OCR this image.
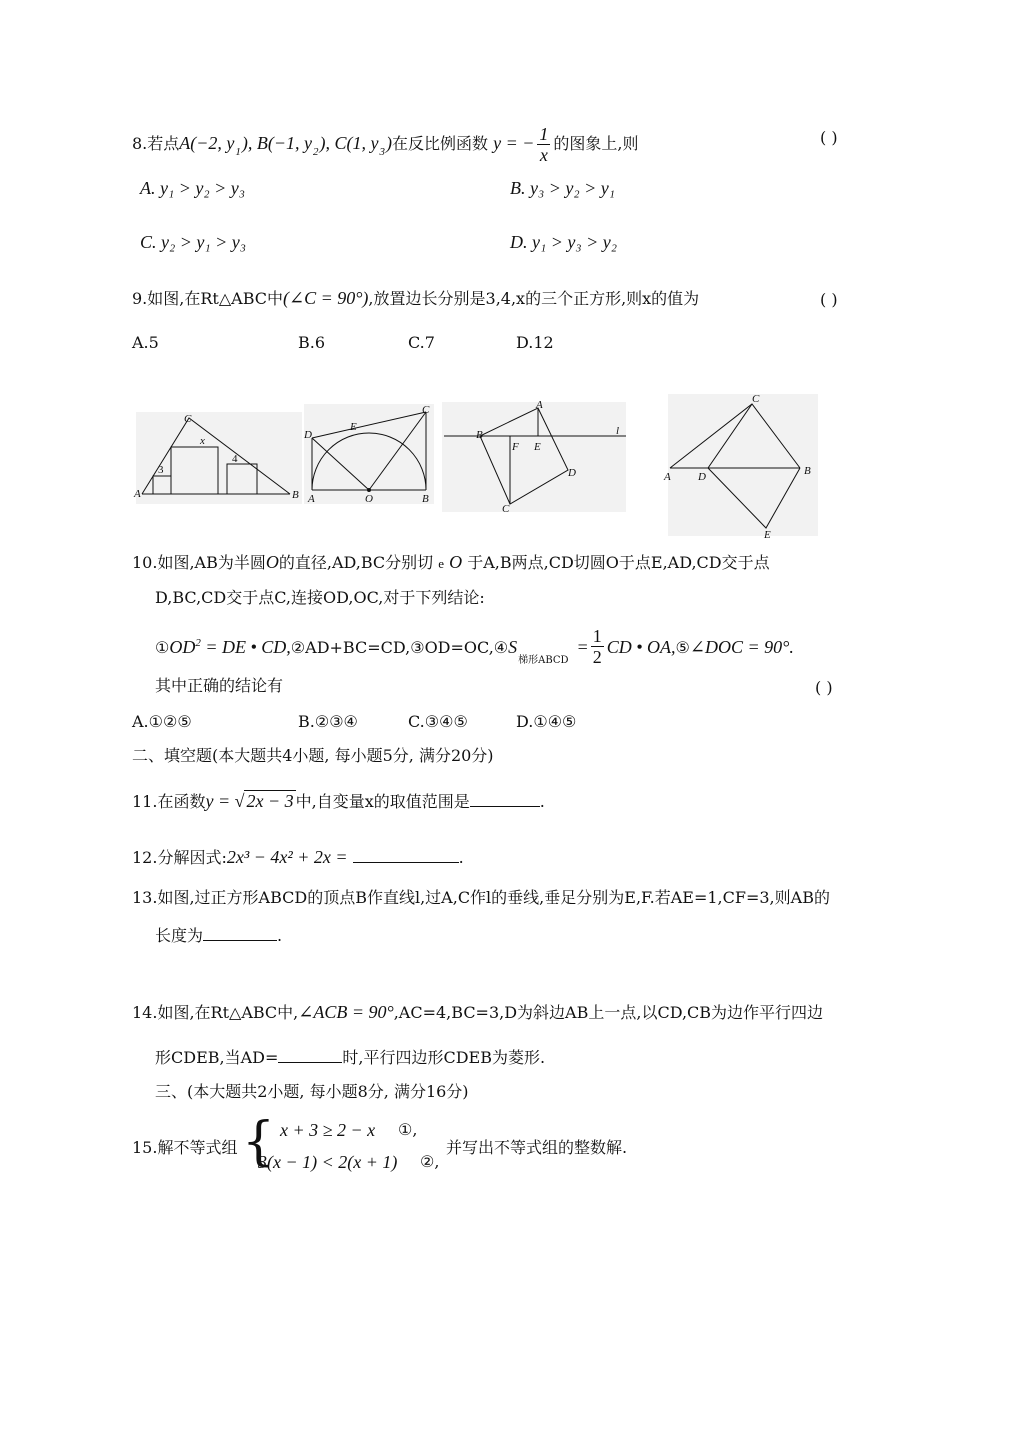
8.若点A(−2, $y_1$), B(−1, $y_2$), C(1, $y_3$)在反比例函数 y = − $\frac{1}{x}$ 的图象上,则	( )
A. y₁ > y₂ > y₃	B. y₃ > y₂ > y₁
C. y₂ > y₁ > y₃	D. y₁ > y₃ > y₂
9.如图,在Rt△ABC中(∠C = 90°),放置边长分别是3,4,x的三个正方形,则x的值为	( )
A.5	B.6	C.7	D.12
C
A	B
x
3
4
D
E
C
A	O	B
A
B
F E
l
D
C
C
A D	B
E
10.如图,AB为半圆O的直径,AD,BC分别切 e O 于A,B两点,CD切圆O于点E,AD,CD交于点
D,BC,CD交于点C,连接OD,OC,对于下列结论:
$①OD^2$ = DE • $CD,②AD+BC=CD,③OD=OC,④S_{梯形ABCD}= \frac{1}{2}$ CD • OA,⑤∠DOC = 90°.
其中正确的结论有	( )
A.①②⑤	B.②③④	C.③④⑤	D.①④⑤
二、填空题(本大题共4小题, 每小题5分, 满分20分)
11.在函数y = √ 2x − 3 中,自变量x的取值范围是	.
12.分解因式:2x³ − 4x² + 2x =	.
13.如图,过正方形ABCD的顶点B作直线l,过A,C作l的垂线,垂足分别为E,F.若AE=1,CF=3,则AB的
长度为	.
14.如图,在Rt△ABC中,∠ACB = 90°,AC=4,BC=3,D为斜边AB上一点,以CD,CB为边作平行四边
形CDEB,当AD=	时,平行四边形CDEB为菱形.
三、(本大题共2小题, 每小题8分, 满分16分)
15.解不等式组 { x + 3 ≥ 2 − x ①,
3(x − 1) < 2(x + 1) ②,
并写出不等式组的整数解.
